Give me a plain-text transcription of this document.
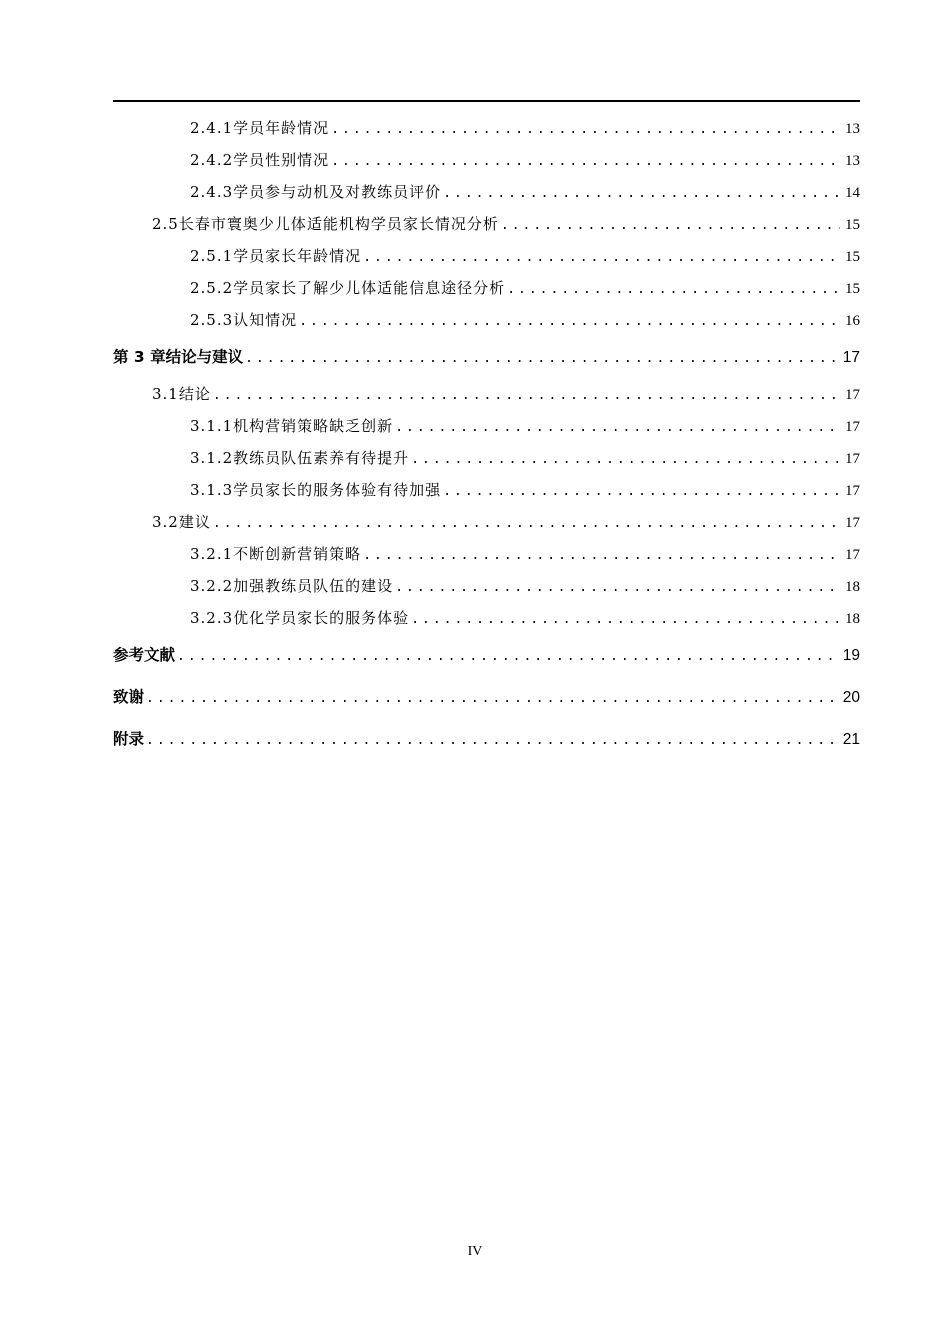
2.4.1 学员年龄情况 .....	13
2.4.2 学员性别情况 .....	13
2.4.3 学员参与动机及对教练员评价 .....	14
2.5 长春市寰奥少儿体适能机构学员家长情况分析 .....	15
2.5.1 学员家长年龄情况 .....	15
2.5.2 学员家长了解少儿体适能信息途径分析 .....	15
2.5.3 认知情况 .....	16
第 3 章 结论与建议 .....	17
3.1 结论 .....	17
3.1.1 机构营销策略缺乏创新 .....	17
3.1.2 教练员队伍素养有待提升 .....	17
3.1.3 学员家长的服务体验有待加强 .....	17
3.2 建议 .....	17
3.2.1 不断创新营销策略 .....	17
3.2.2 加强教练员队伍的建设 .....	18
3.2.3 优化学员家长的服务体验 .....	18
参考文献 .....	19
致谢 .....	20
附录 .....	21
IV
